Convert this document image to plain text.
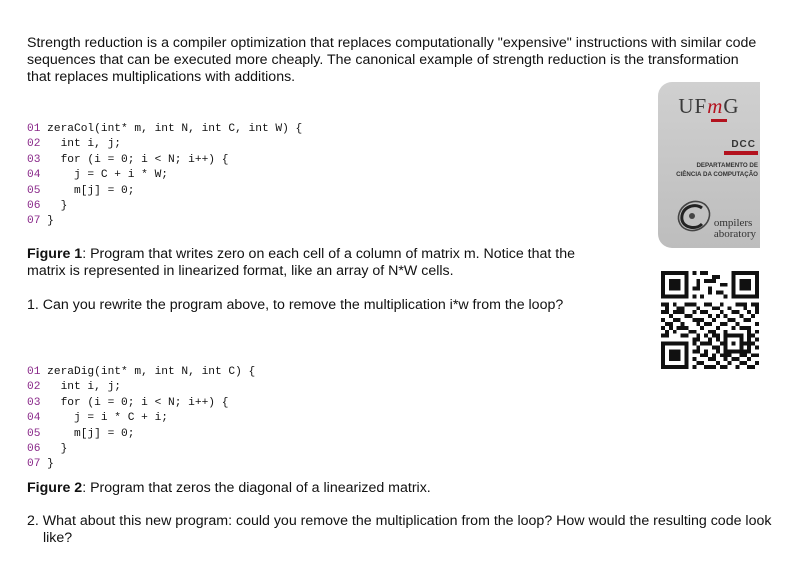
Strength reduction is a compiler optimization that replaces computationally "expensive" instructions with similar code sequences that can be executed more cheaply. The canonical example of strength reduction is the transformation that replaces multiplications with additions.

01 zeraCol(int* m, int N, int C, int W) {
02   int i, j;
03   for (i = 0; i < N; i++) {
04     j = C + i * W;
05     m[j] = 0;
06   }
07 }

Figure 1: Program that writes zero on each cell of a column of matrix m. Notice that the matrix is represented in linearized format, like an array of N*W cells.

1. Can you rewrite the program above, to remove the multiplication i*w from the loop?

01 zeraDig(int* m, int N, int C) {
02   int i, j;
03   for (i = 0; i < N; i++) {
04     j = i * C + i;
05     m[j] = 0;
06   }
07 }

Figure 2: Program that zeros the diagonal of a linearized matrix.

2. What about this new program: could you remove the multiplication from the loop? How would the resulting code look like?

UFmG
DCC
DEPARTAMENTO DE
CIÊNCIA DA COMPUTAÇÃO
ompilers
aboratory
